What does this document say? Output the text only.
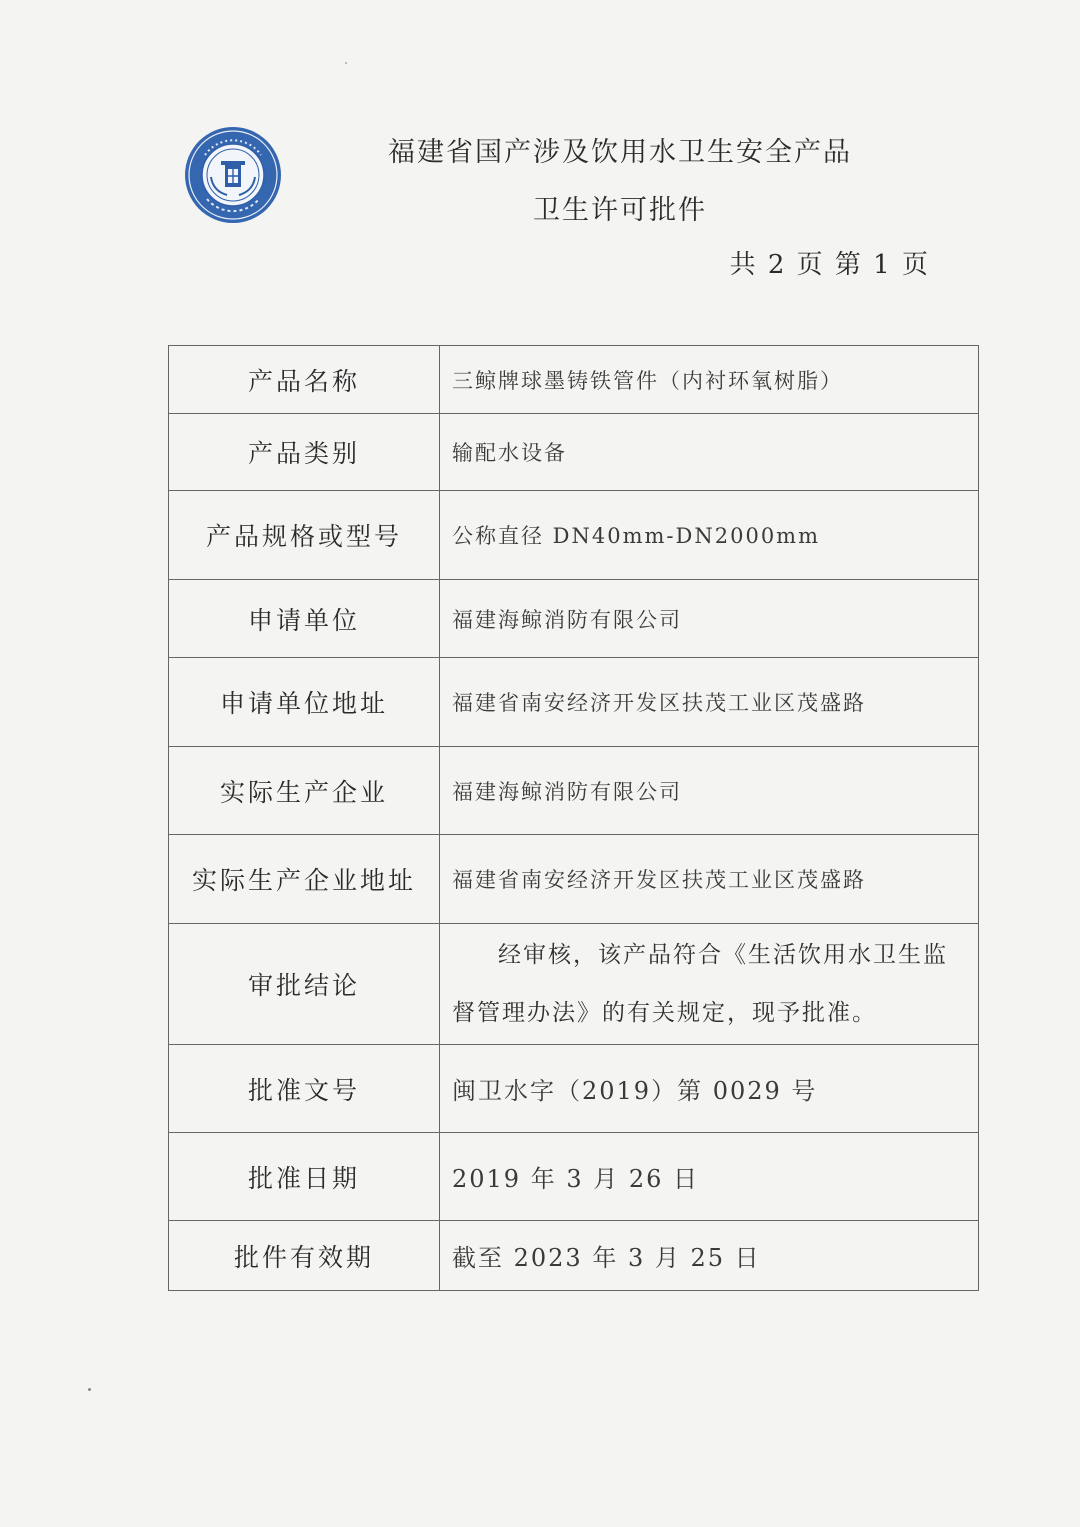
福建省国产涉及饮用水卫生安全产品
卫生许可批件
共 2 页 第 1 页
产品名称	三鲸牌球墨铸铁管件（内衬环氧树脂）
产品类别	输配水设备
产品规格或型号	公称直径 DN40mm-DN2000mm
申请单位	福建海鲸消防有限公司
申请单位地址	福建省南安经济开发区扶茂工业区茂盛路
实际生产企业	福建海鲸消防有限公司
实际生产企业地址	福建省南安经济开发区扶茂工业区茂盛路
审批结论	经审核，该产品符合《生活饮用水卫生监督管理办法》的有关规定，现予批准。

批准文号	闽卫水字（2019）第 0029 号
批准日期	2019 年 3 月 26 日
批件有效期	截至 2023 年 3 月 25 日
